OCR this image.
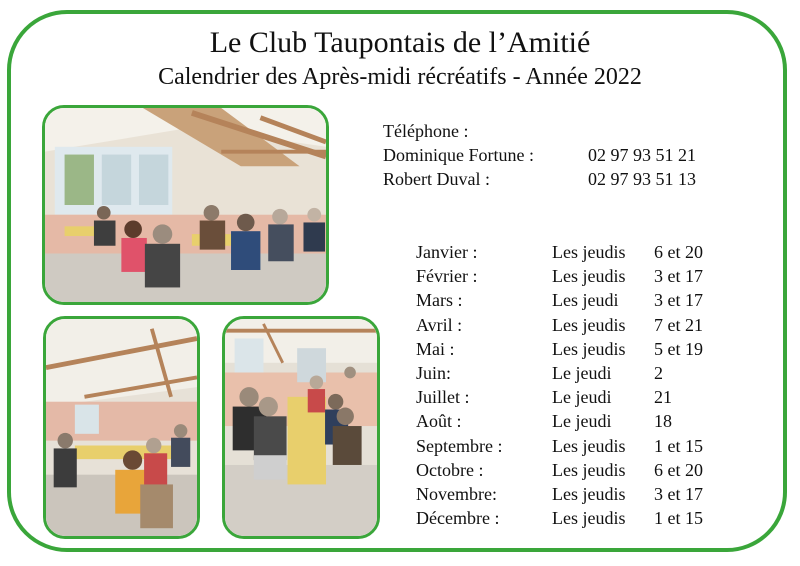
Le Club Taupontais de l’Amitié
Calendrier des Après-midi récréatifs - Année 2022
Téléphone :
Dominique Fortune :	02 97 93 51 21
Robert Duval :	02 97 93 51 13
Janvier :	Les jeudis 6 et 20
Février :	Les jeudis 3 et 17
Mars :	Les jeudi 3 et 17
Avril :	Les jeudis 7 et 21
Mai :	Les jeudis 5 et 19
Juin:	Le jeudi 2
Juillet :	Le jeudi 21
Août :	Le jeudi 18
Septembre :	Les jeudis 1 et 15
Octobre :	Les jeudis 6 et 20
Novembre:	Les jeudis 3 et 17
Décembre :	Les jeudis 1 et 15
